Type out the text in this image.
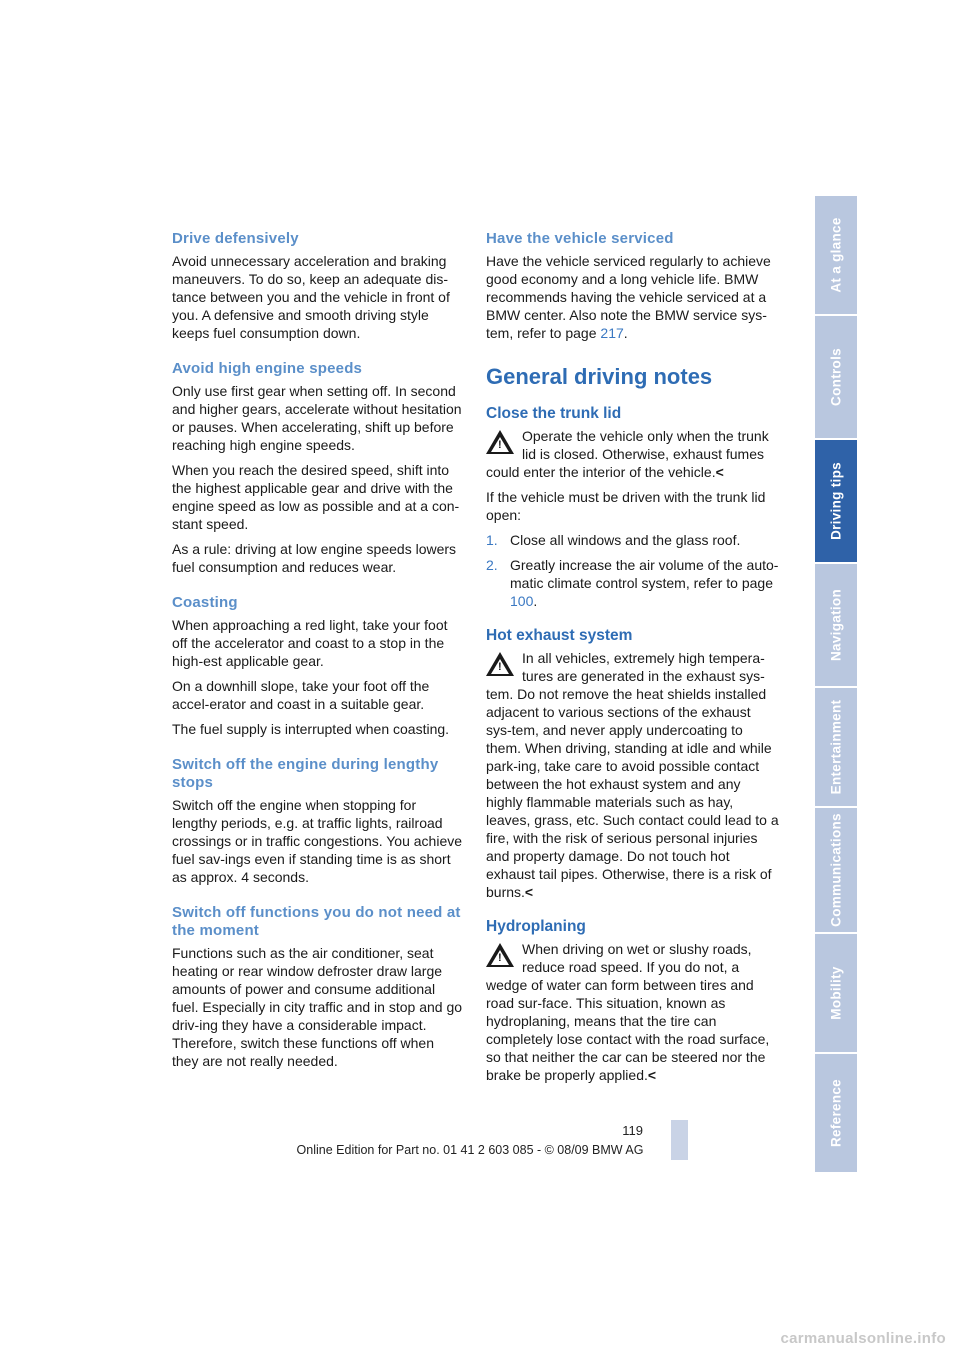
Drive defensively

Avoid unnecessary acceleration and braking maneuvers. To do so, keep an adequate dis-tance between you and the vehicle in front of you. A defensive and smooth driving style keeps fuel consumption down.

Avoid high engine speeds

Only use first gear when setting off. In second and higher gears, accelerate without hesitation or pauses. When accelerating, shift up before reaching high engine speeds.

When you reach the desired speed, shift into the highest applicable gear and drive with the engine speed as low as possible and at a con-stant speed.

As a rule: driving at low engine speeds lowers fuel consumption and reduces wear.

Coasting

When approaching a red light, take your foot off the accelerator and coast to a stop in the high-est applicable gear.

On a downhill slope, take your foot off the accel-erator and coast in a suitable gear.

The fuel supply is interrupted when coasting.

Switch off the engine during lengthy stops

Switch off the engine when stopping for lengthy periods, e.g. at traffic lights, railroad crossings or in traffic congestions. You achieve fuel sav-ings even if standing time is as short as approx. 4 seconds.

Switch off functions you do not need at the moment

Functions such as the air conditioner, seat heating or rear window defroster draw large amounts of power and consume additional fuel. Especially in city traffic and in stop and go driv-ing they have a considerable impact. Therefore, switch these functions off when they are not really needed.

Have the vehicle serviced

Have the vehicle serviced regularly to achieve good economy and a long vehicle life. BMW recommends having the vehicle serviced at a BMW center. Also note the BMW service sys-tem, refer to page 217.

General driving notes
Close the trunk lid

!
Operate the vehicle only when the trunk lid is closed. Otherwise, exhaust fumes could enter the interior of the vehicle.<

If the vehicle must be driven with the trunk lid open:

1. Close all windows and the glass roof.
2. Greatly increase the air volume of the auto-matic climate control system, refer to page 100.
Hot exhaust system

!
In all vehicles, extremely high tempera-tures are generated in the exhaust sys-tem. Do not remove the heat shields installed adjacent to various sections of the exhaust sys-tem, and never apply undercoating to them. When driving, standing at idle and while park-ing, take care to avoid possible contact between the hot exhaust system and any highly flammable materials such as hay, leaves, grass, etc. Such contact could lead to a fire, with the risk of serious personal injuries and property damage. Do not touch hot exhaust tail pipes. Otherwise, there is a risk of burns.<

Hydroplaning

!
When driving on wet or slushy roads, reduce road speed. If you do not, a wedge of water can form between tires and road sur-face. This situation, known as hydroplaning, means that the tire can completely lose contact with the road surface, so that neither the car can be steered nor the brake be properly applied.<

At a glance
Controls
Driving tips
Navigation
Entertainment
Communications
Mobility
Reference
119
Online Edition for Part no. 01 41 2 603 085 - © 08/09 BMW AG
carmanualsonline.info
